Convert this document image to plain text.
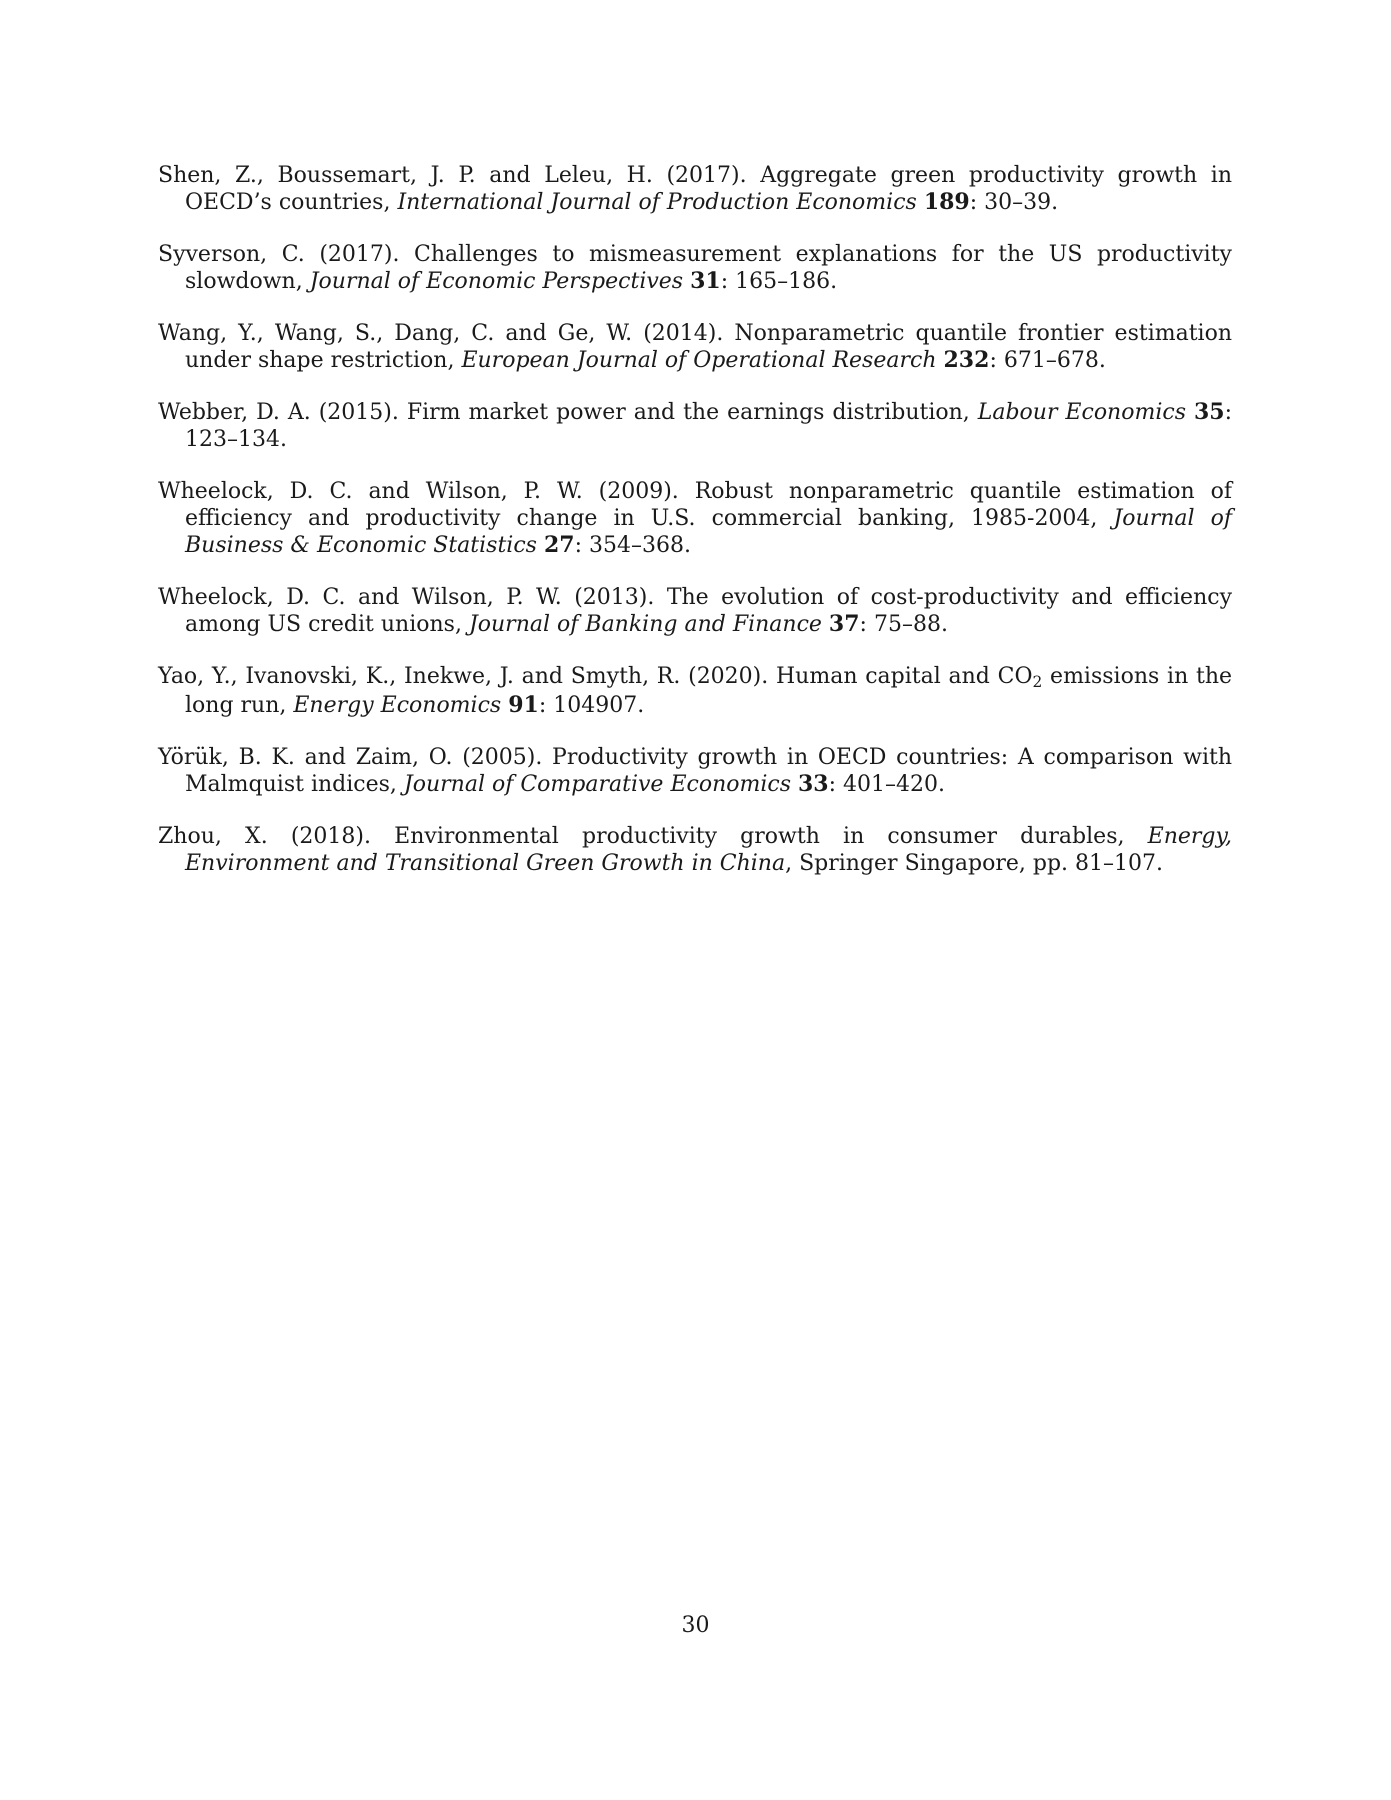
Shen, Z., Boussemart, J. P. and Leleu, H. (2017). Aggregate green productivity growth in OECD’s countries, International Journal of Production Economics 189: 30–39.

Syverson, C. (2017). Challenges to mismeasurement explanations for the US productivity slowdown, Journal of Economic Perspectives 31: 165–186.

Wang, Y., Wang, S., Dang, C. and Ge, W. (2014). Nonparametric quantile frontier estimation under shape restriction, European Journal of Operational Research 232: 671–678.

Webber, D. A. (2015). Firm market power and the earnings distribution, Labour Economics 35: 123–134.

Wheelock, D. C. and Wilson, P. W. (2009). Robust nonparametric quantile estimation of efficiency and productivity change in U.S. commercial banking, 1985-2004, Journal of Business & Economic Statistics 27: 354–368.

Wheelock, D. C. and Wilson, P. W. (2013). The evolution of cost-productivity and efficiency among US credit unions, Journal of Banking and Finance 37: 75–88.

Yao, Y., Ivanovski, K., Inekwe, J. and Smyth, R. (2020). Human capital and CO2 emissions in the long run, Energy Economics 91: 104907.

Yörük, B. K. and Zaim, O. (2005). Productivity growth in OECD countries: A comparison with Malmquist indices, Journal of Comparative Economics 33: 401–420.

Zhou, X. (2018). Environmental productivity growth in consumer durables, Energy, Environment and Transitional Green Growth in China, Springer Singapore, pp. 81–107.

30
